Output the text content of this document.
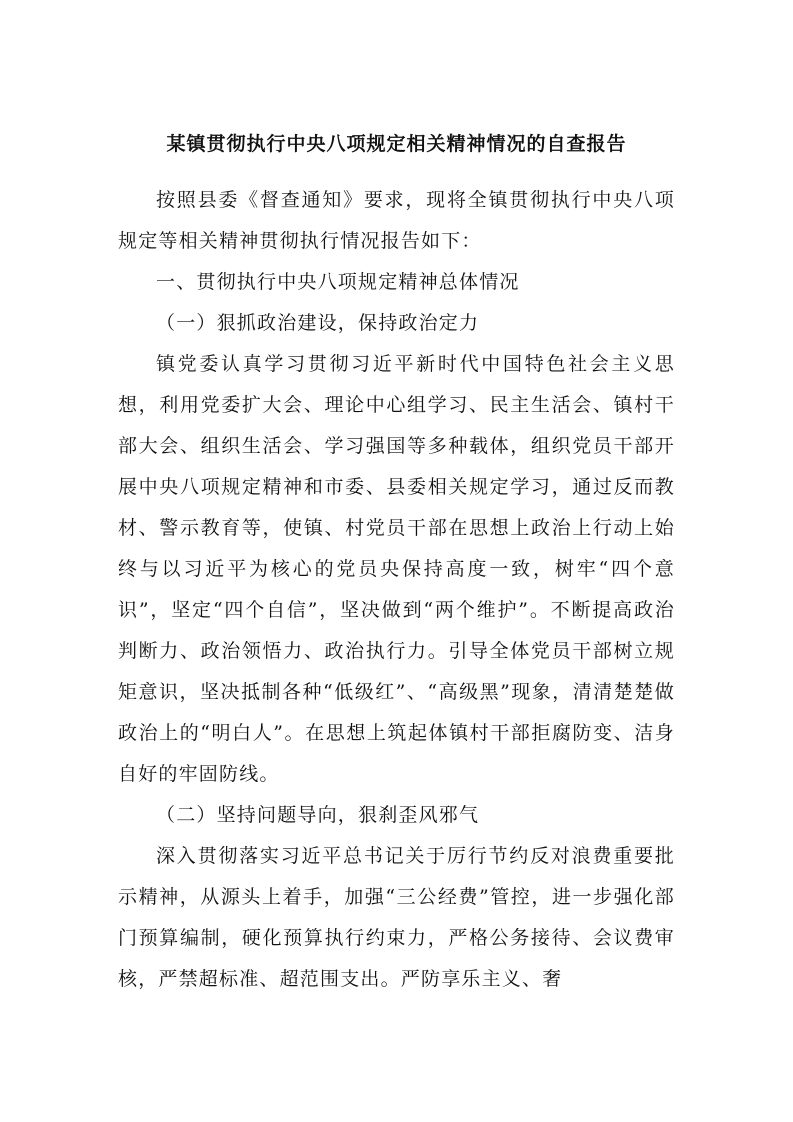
某镇贯彻执行中央八项规定相关精神情况的自查报告

按照县委《督查通知》要求，现将全镇贯彻执行中央八项规定等相关精神贯彻执行情况报告如下：

一、贯彻执行中央八项规定精神总体情况

（一）狠抓政治建设，保持政治定力

镇党委认真学习贯彻习近平新时代中国特色社会主义思想，利用党委扩大会、理论中心组学习、民主生活会、镇村干部大会、组织生活会、学习强国等多种载体，组织党员干部开展中央八项规定精神和市委、县委相关规定学习，通过反而教材、警示教育等，使镇、村党员干部在思想上政治上行动上始终与以习近平为核心的党员央保持高度一致，树牢“四个意识”，坚定“四个自信”，坚决做到“两个维护”。不断提高政治判断力、政治领悟力、政治执行力。引导全体党员干部树立规矩意识，坚决抵制各种“低级红”、“高级黑”现象，清清楚楚做政治上的“明白人”。在思想上筑起体镇村干部拒腐防变、洁身自好的牢固防线。

（二）坚持问题导向，狠刹歪风邪气

深入贯彻落实习近平总书记关于厉行节约反对浪费重要批示精神，从源头上着手，加强“三公经费”管控，进一步强化部门预算编制，硬化预算执行约束力，严格公务接待、会议费审核，严禁超标准、超范围支出。严防享乐主义、奢
